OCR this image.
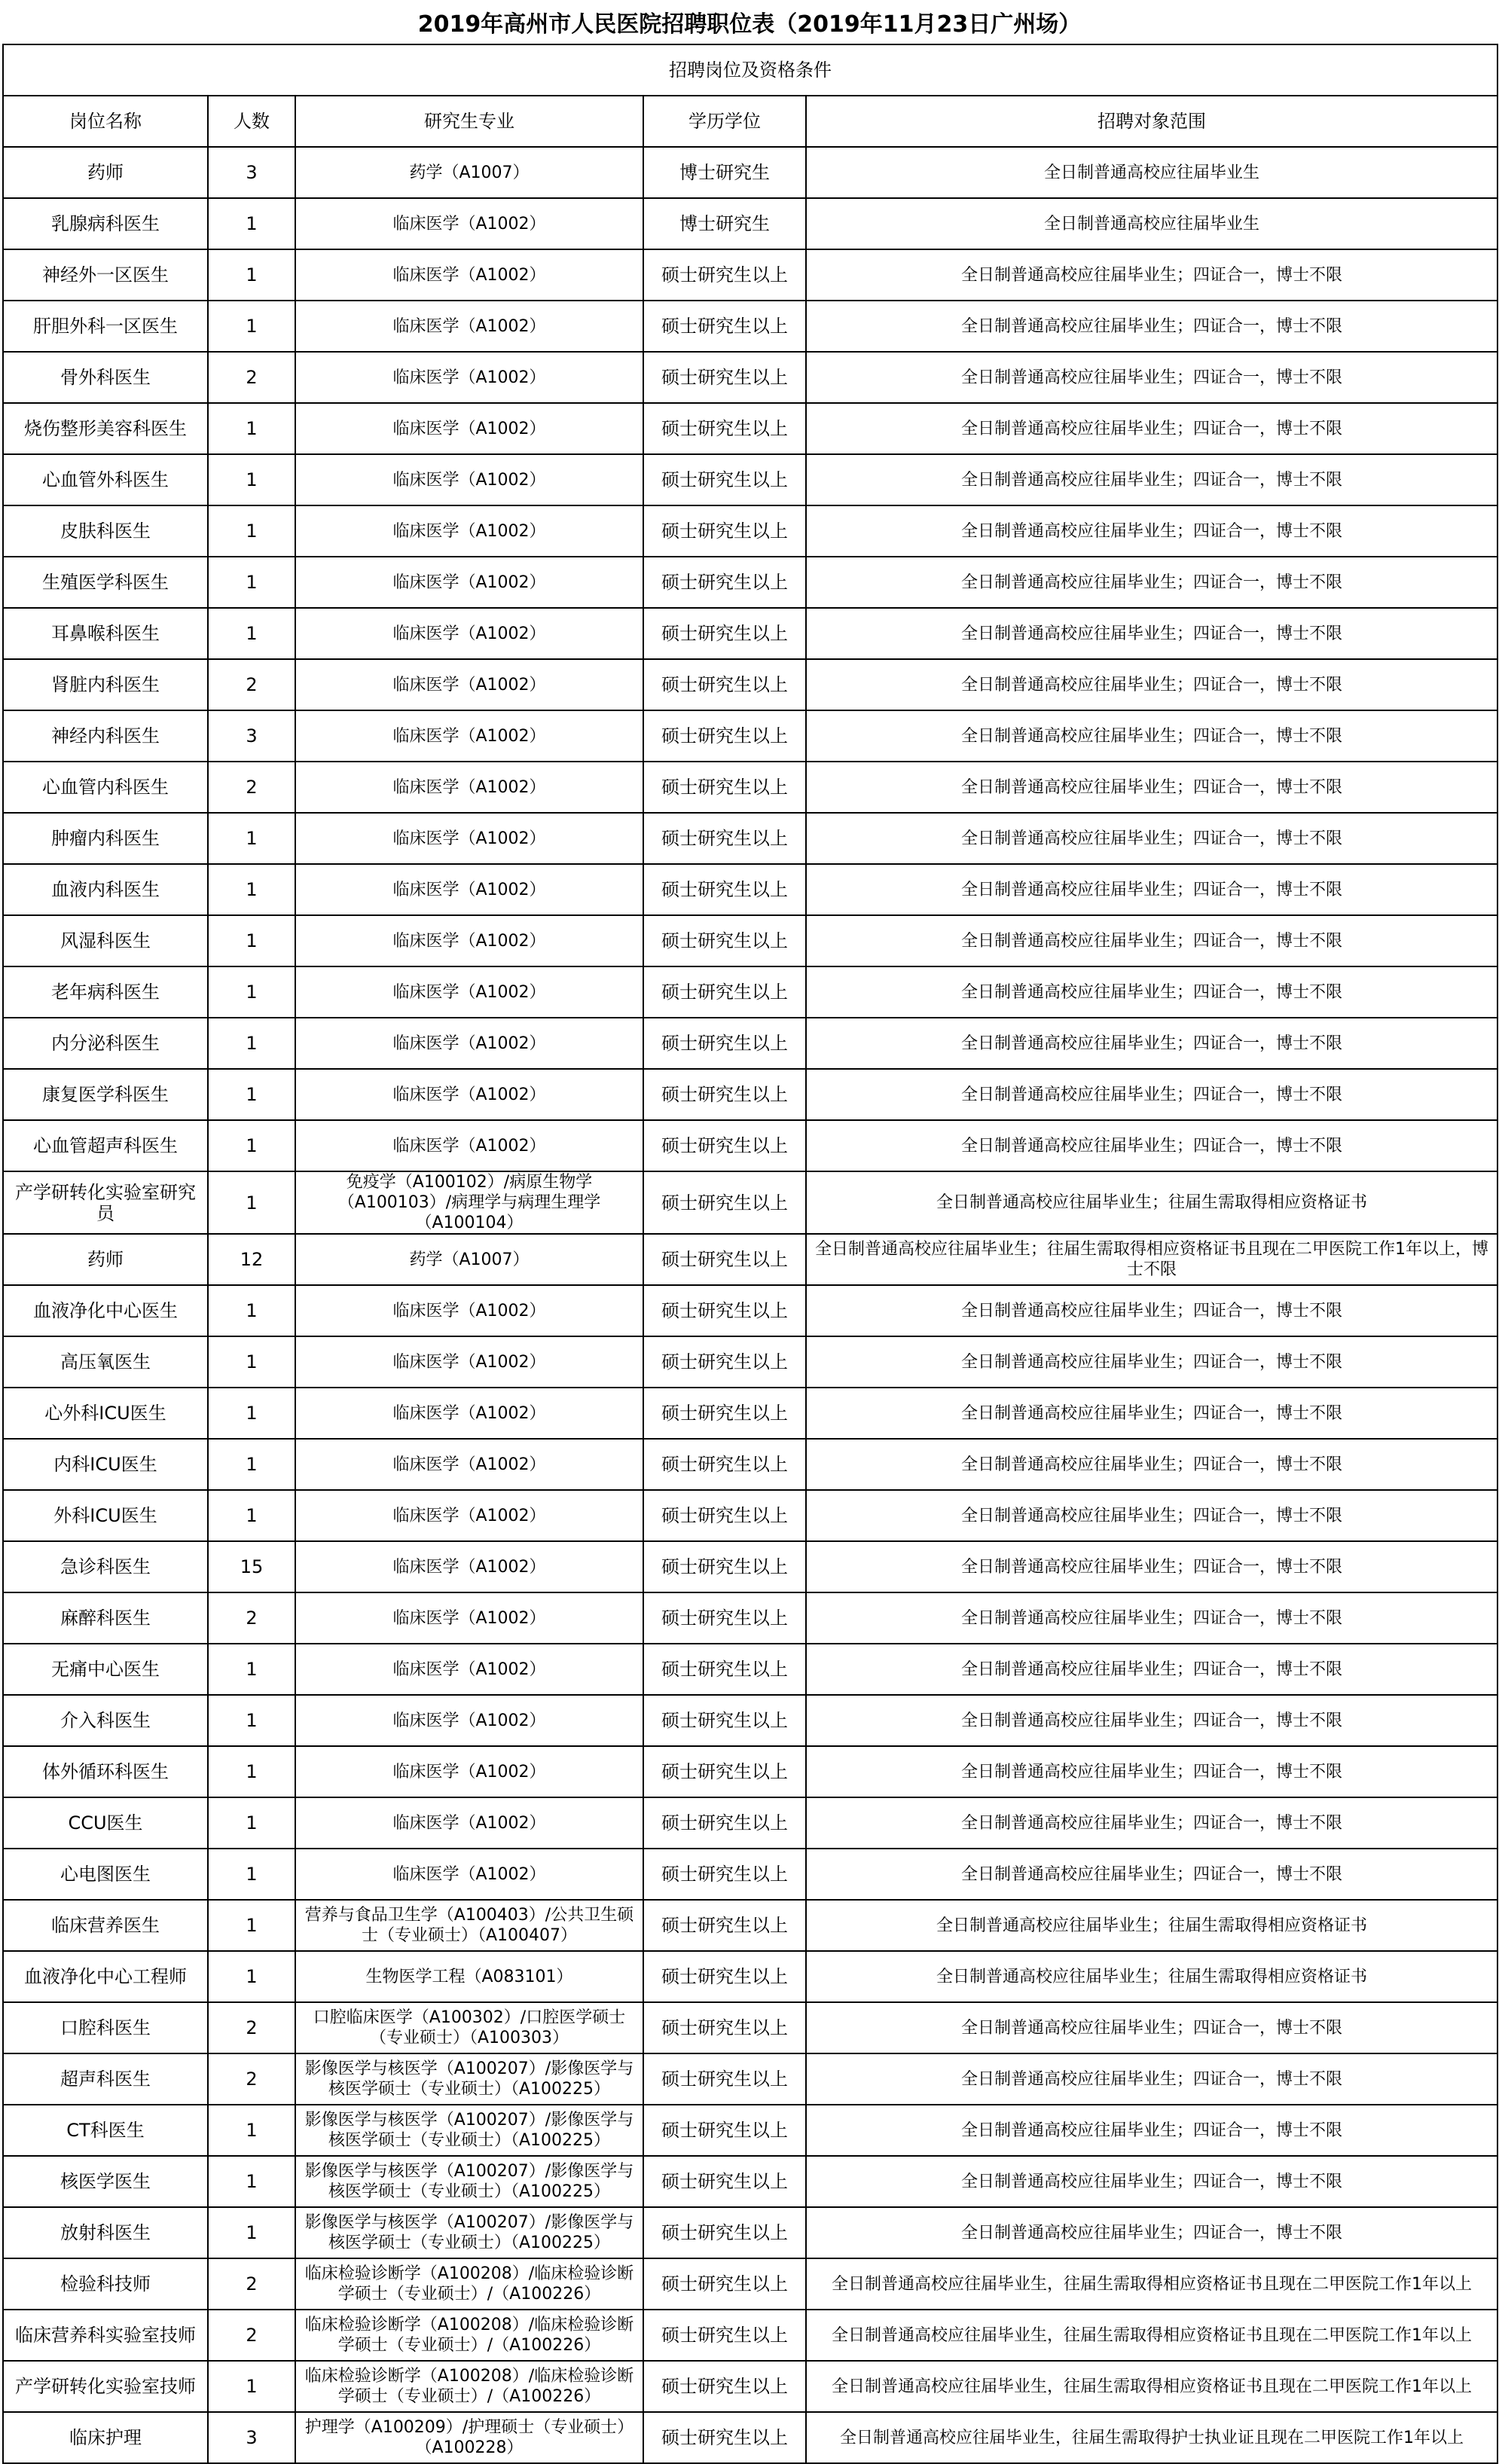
2019年高州市人民医院招聘职位表（2019年11月23日广州场）
招聘岗位及资格条件				
岗位名称	人数	研究生专业	学历学位	招聘对象范围
药师	3	药学（A1007）	博士研究生	全日制普通高校应往届毕业生
乳腺病科医生	1	临床医学（A1002）	博士研究生	全日制普通高校应往届毕业生
神经外一区医生	1	临床医学（A1002）	硕士研究生以上	全日制普通高校应往届毕业生；四证合一，博士不限
肝胆外科一区医生	1	临床医学（A1002）	硕士研究生以上	全日制普通高校应往届毕业生；四证合一，博士不限
骨外科医生	2	临床医学（A1002）	硕士研究生以上	全日制普通高校应往届毕业生；四证合一，博士不限
烧伤整形美容科医生	1	临床医学（A1002）	硕士研究生以上	全日制普通高校应往届毕业生；四证合一，博士不限
心血管外科医生	1	临床医学（A1002）	硕士研究生以上	全日制普通高校应往届毕业生；四证合一，博士不限
皮肤科医生	1	临床医学（A1002）	硕士研究生以上	全日制普通高校应往届毕业生；四证合一，博士不限
生殖医学科医生	1	临床医学（A1002）	硕士研究生以上	全日制普通高校应往届毕业生；四证合一，博士不限
耳鼻喉科医生	1	临床医学（A1002）	硕士研究生以上	全日制普通高校应往届毕业生；四证合一，博士不限
肾脏内科医生	2	临床医学（A1002）	硕士研究生以上	全日制普通高校应往届毕业生；四证合一，博士不限
神经内科医生	3	临床医学（A1002）	硕士研究生以上	全日制普通高校应往届毕业生；四证合一，博士不限
心血管内科医生	2	临床医学（A1002）	硕士研究生以上	全日制普通高校应往届毕业生；四证合一，博士不限
肿瘤内科医生	1	临床医学（A1002）	硕士研究生以上	全日制普通高校应往届毕业生；四证合一，博士不限
血液内科医生	1	临床医学（A1002）	硕士研究生以上	全日制普通高校应往届毕业生；四证合一，博士不限
风湿科医生	1	临床医学（A1002）	硕士研究生以上	全日制普通高校应往届毕业生；四证合一，博士不限
老年病科医生	1	临床医学（A1002）	硕士研究生以上	全日制普通高校应往届毕业生；四证合一，博士不限
内分泌科医生	1	临床医学（A1002）	硕士研究生以上	全日制普通高校应往届毕业生；四证合一，博士不限
康复医学科医生	1	临床医学（A1002）	硕士研究生以上	全日制普通高校应往届毕业生；四证合一，博士不限
心血管超声科医生	1	临床医学（A1002）	硕士研究生以上	全日制普通高校应往届毕业生；四证合一，博士不限
产学研转化实验室研究员	1	免疫学（A100102）/病原生物学（A100103）/病理学与病理生理学（A100104）	硕士研究生以上	全日制普通高校应往届毕业生；往届生需取得相应资格证书
药师	12	药学（A1007）	硕士研究生以上	全日制普通高校应往届毕业生；往届生需取得相应资格证书且现在二甲医院工作1年以上，博士不限
血液净化中心医生	1	临床医学（A1002）	硕士研究生以上	全日制普通高校应往届毕业生；四证合一，博士不限
高压氧医生	1	临床医学（A1002）	硕士研究生以上	全日制普通高校应往届毕业生；四证合一，博士不限
心外科ICU医生	1	临床医学（A1002）	硕士研究生以上	全日制普通高校应往届毕业生；四证合一，博士不限
内科ICU医生	1	临床医学（A1002）	硕士研究生以上	全日制普通高校应往届毕业生；四证合一，博士不限
外科ICU医生	1	临床医学（A1002）	硕士研究生以上	全日制普通高校应往届毕业生；四证合一，博士不限
急诊科医生	15	临床医学（A1002）	硕士研究生以上	全日制普通高校应往届毕业生；四证合一，博士不限
麻醉科医生	2	临床医学（A1002）	硕士研究生以上	全日制普通高校应往届毕业生；四证合一，博士不限
无痛中心医生	1	临床医学（A1002）	硕士研究生以上	全日制普通高校应往届毕业生；四证合一，博士不限
介入科医生	1	临床医学（A1002）	硕士研究生以上	全日制普通高校应往届毕业生；四证合一，博士不限
体外循环科医生	1	临床医学（A1002）	硕士研究生以上	全日制普通高校应往届毕业生；四证合一，博士不限
CCU医生	1	临床医学（A1002）	硕士研究生以上	全日制普通高校应往届毕业生；四证合一，博士不限
心电图医生	1	临床医学（A1002）	硕士研究生以上	全日制普通高校应往届毕业生；四证合一，博士不限
临床营养医生	1	营养与食品卫生学（A100403）/公共卫生硕士（专业硕士）（A100407）	硕士研究生以上	全日制普通高校应往届毕业生；往届生需取得相应资格证书
血液净化中心工程师	1	生物医学工程（A083101）	硕士研究生以上	全日制普通高校应往届毕业生；往届生需取得相应资格证书
口腔科医生	2	口腔临床医学（A100302）/口腔医学硕士（专业硕士）（A100303）	硕士研究生以上	全日制普通高校应往届毕业生；四证合一，博士不限
超声科医生	2	影像医学与核医学（A100207）/影像医学与核医学硕士（专业硕士）（A100225）	硕士研究生以上	全日制普通高校应往届毕业生；四证合一，博士不限
CT科医生	1	影像医学与核医学（A100207）/影像医学与核医学硕士（专业硕士）（A100225）	硕士研究生以上	全日制普通高校应往届毕业生；四证合一，博士不限
核医学医生	1	影像医学与核医学（A100207）/影像医学与核医学硕士（专业硕士）（A100225）	硕士研究生以上	全日制普通高校应往届毕业生；四证合一，博士不限
放射科医生	1	影像医学与核医学（A100207）/影像医学与核医学硕士（专业硕士）（A100225）	硕士研究生以上	全日制普通高校应往届毕业生；四证合一，博士不限
检验科技师	2	临床检验诊断学（A100208）/临床检验诊断学硕士（专业硕士）/（A100226）	硕士研究生以上	全日制普通高校应往届毕业生，往届生需取得相应资格证书且现在二甲医院工作1年以上
临床营养科实验室技师	2	临床检验诊断学（A100208）/临床检验诊断学硕士（专业硕士）/（A100226）	硕士研究生以上	全日制普通高校应往届毕业生，往届生需取得相应资格证书且现在二甲医院工作1年以上
产学研转化实验室技师	1	临床检验诊断学（A100208）/临床检验诊断学硕士（专业硕士）/（A100226）	硕士研究生以上	全日制普通高校应往届毕业生，往届生需取得相应资格证书且现在二甲医院工作1年以上
临床护理	3	护理学（A100209）/护理硕士（专业硕士）（A100228）	硕士研究生以上	全日制普通高校应往届毕业生，往届生需取得护士执业证且现在二甲医院工作1年以上
